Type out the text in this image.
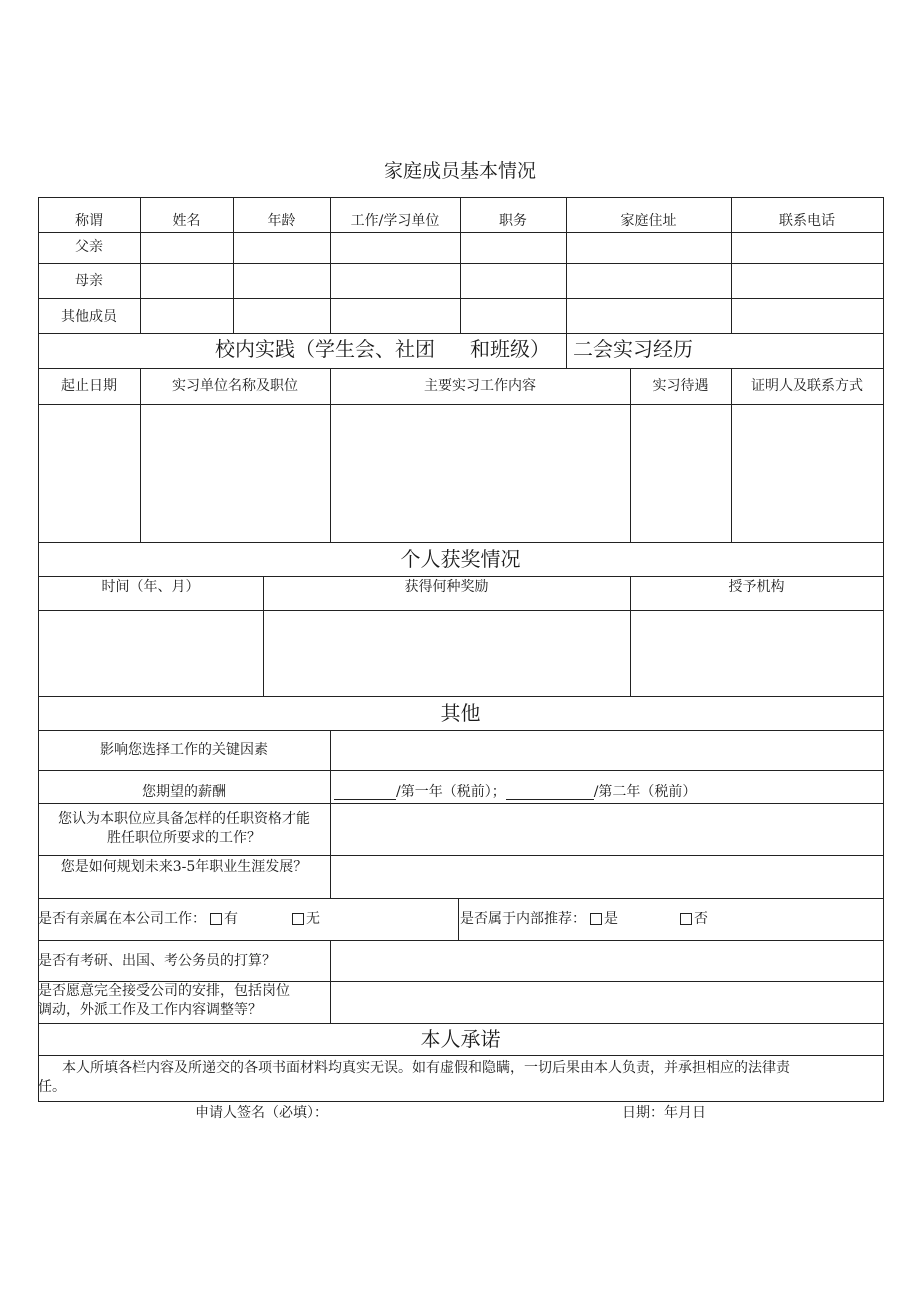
家庭成员基本情况
称谓	姓名	年龄	工作/学习单位	职务	家庭住址	联系电话
父亲
母亲
其他成员
校内实践（学生会、社团	和班级）	二会实习经历
起止日期	实习单位名称及职位	主要实习工作内容	实习待遇	证明人及联系方式
个人获奖情况
时间（年、月）	获得何种奖励	授予机构
其他
影响您选择工作的关键因素
您期望的薪酬	/第一年（税前）；	/第二年（税前）
您认为本职位应具备怎样的任职资格才能
胜任职位所要求的工作？
您是如何规划未来3-5年职业生涯发展？
是否有亲属在本公司工作： 有	无	是否属于内部推荐： 是	否
是否有考研、出国、考公务员的打算？
是否愿意完全接受公司的安排，包括岗位
调动，外派工作及工作内容调整等？
本人承诺
本人所填各栏内容及所递交的各项书面材料均真实无误。如有虚假和隐瞒，一切后果由本人负责，并承担相应的法律责
任。
申请人签名（必填）：	日期：年月日
